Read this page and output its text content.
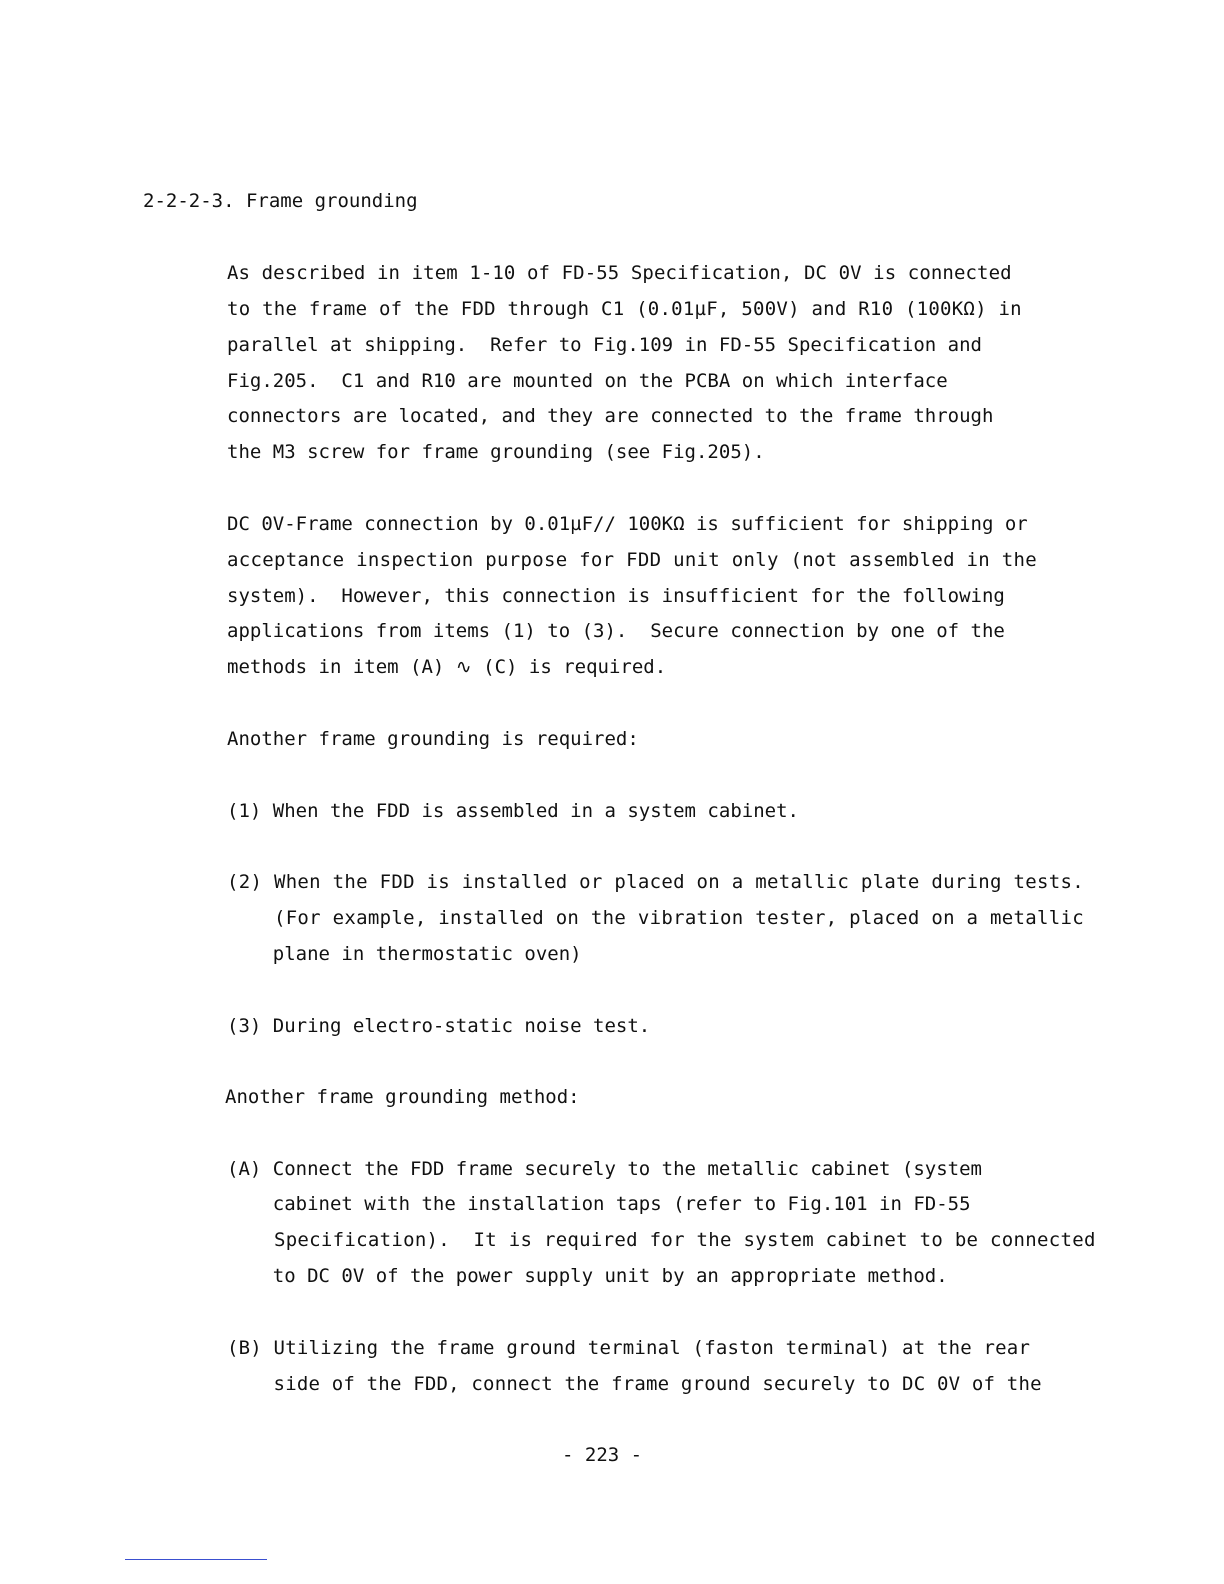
2-2-2-3. Frame grounding
As described in item 1-10 of FD-55 Specification, DC 0V is connected
to the frame of the FDD through C1 (0.01µF, 500V) and R10 (100KΩ) in
parallel at shipping.  Refer to Fig.109 in FD-55 Specification and
Fig.205.  C1 and R10 are mounted on the PCBA on which interface
connectors are located, and they are connected to the frame through
the M3 screw for frame grounding (see Fig.205).
DC 0V-Frame connection by 0.01µF// 100KΩ is sufficient for shipping or
acceptance inspection purpose for FDD unit only (not assembled in the
system).  However, this connection is insufficient for the following
applications from items (1) to (3).  Secure connection by one of the
methods in item (A) ∿ (C) is required.
Another frame grounding is required:
(1) When the FDD is assembled in a system cabinet.
(2) When the FDD is installed or placed on a metallic plate during tests.
(For example, installed on the vibration tester, placed on a metallic
plane in thermostatic oven)
(3) During electro-static noise test.
Another frame grounding method:
(A) Connect the FDD frame securely to the metallic cabinet (system
cabinet with the installation taps (refer to Fig.101 in FD-55
Specification).  It is required for the system cabinet to be connected
to DC 0V of the power supply unit by an appropriate method.
(B) Utilizing the frame ground terminal (faston terminal) at the rear
side of the FDD, connect the frame ground securely to DC 0V of the
- 223 -
